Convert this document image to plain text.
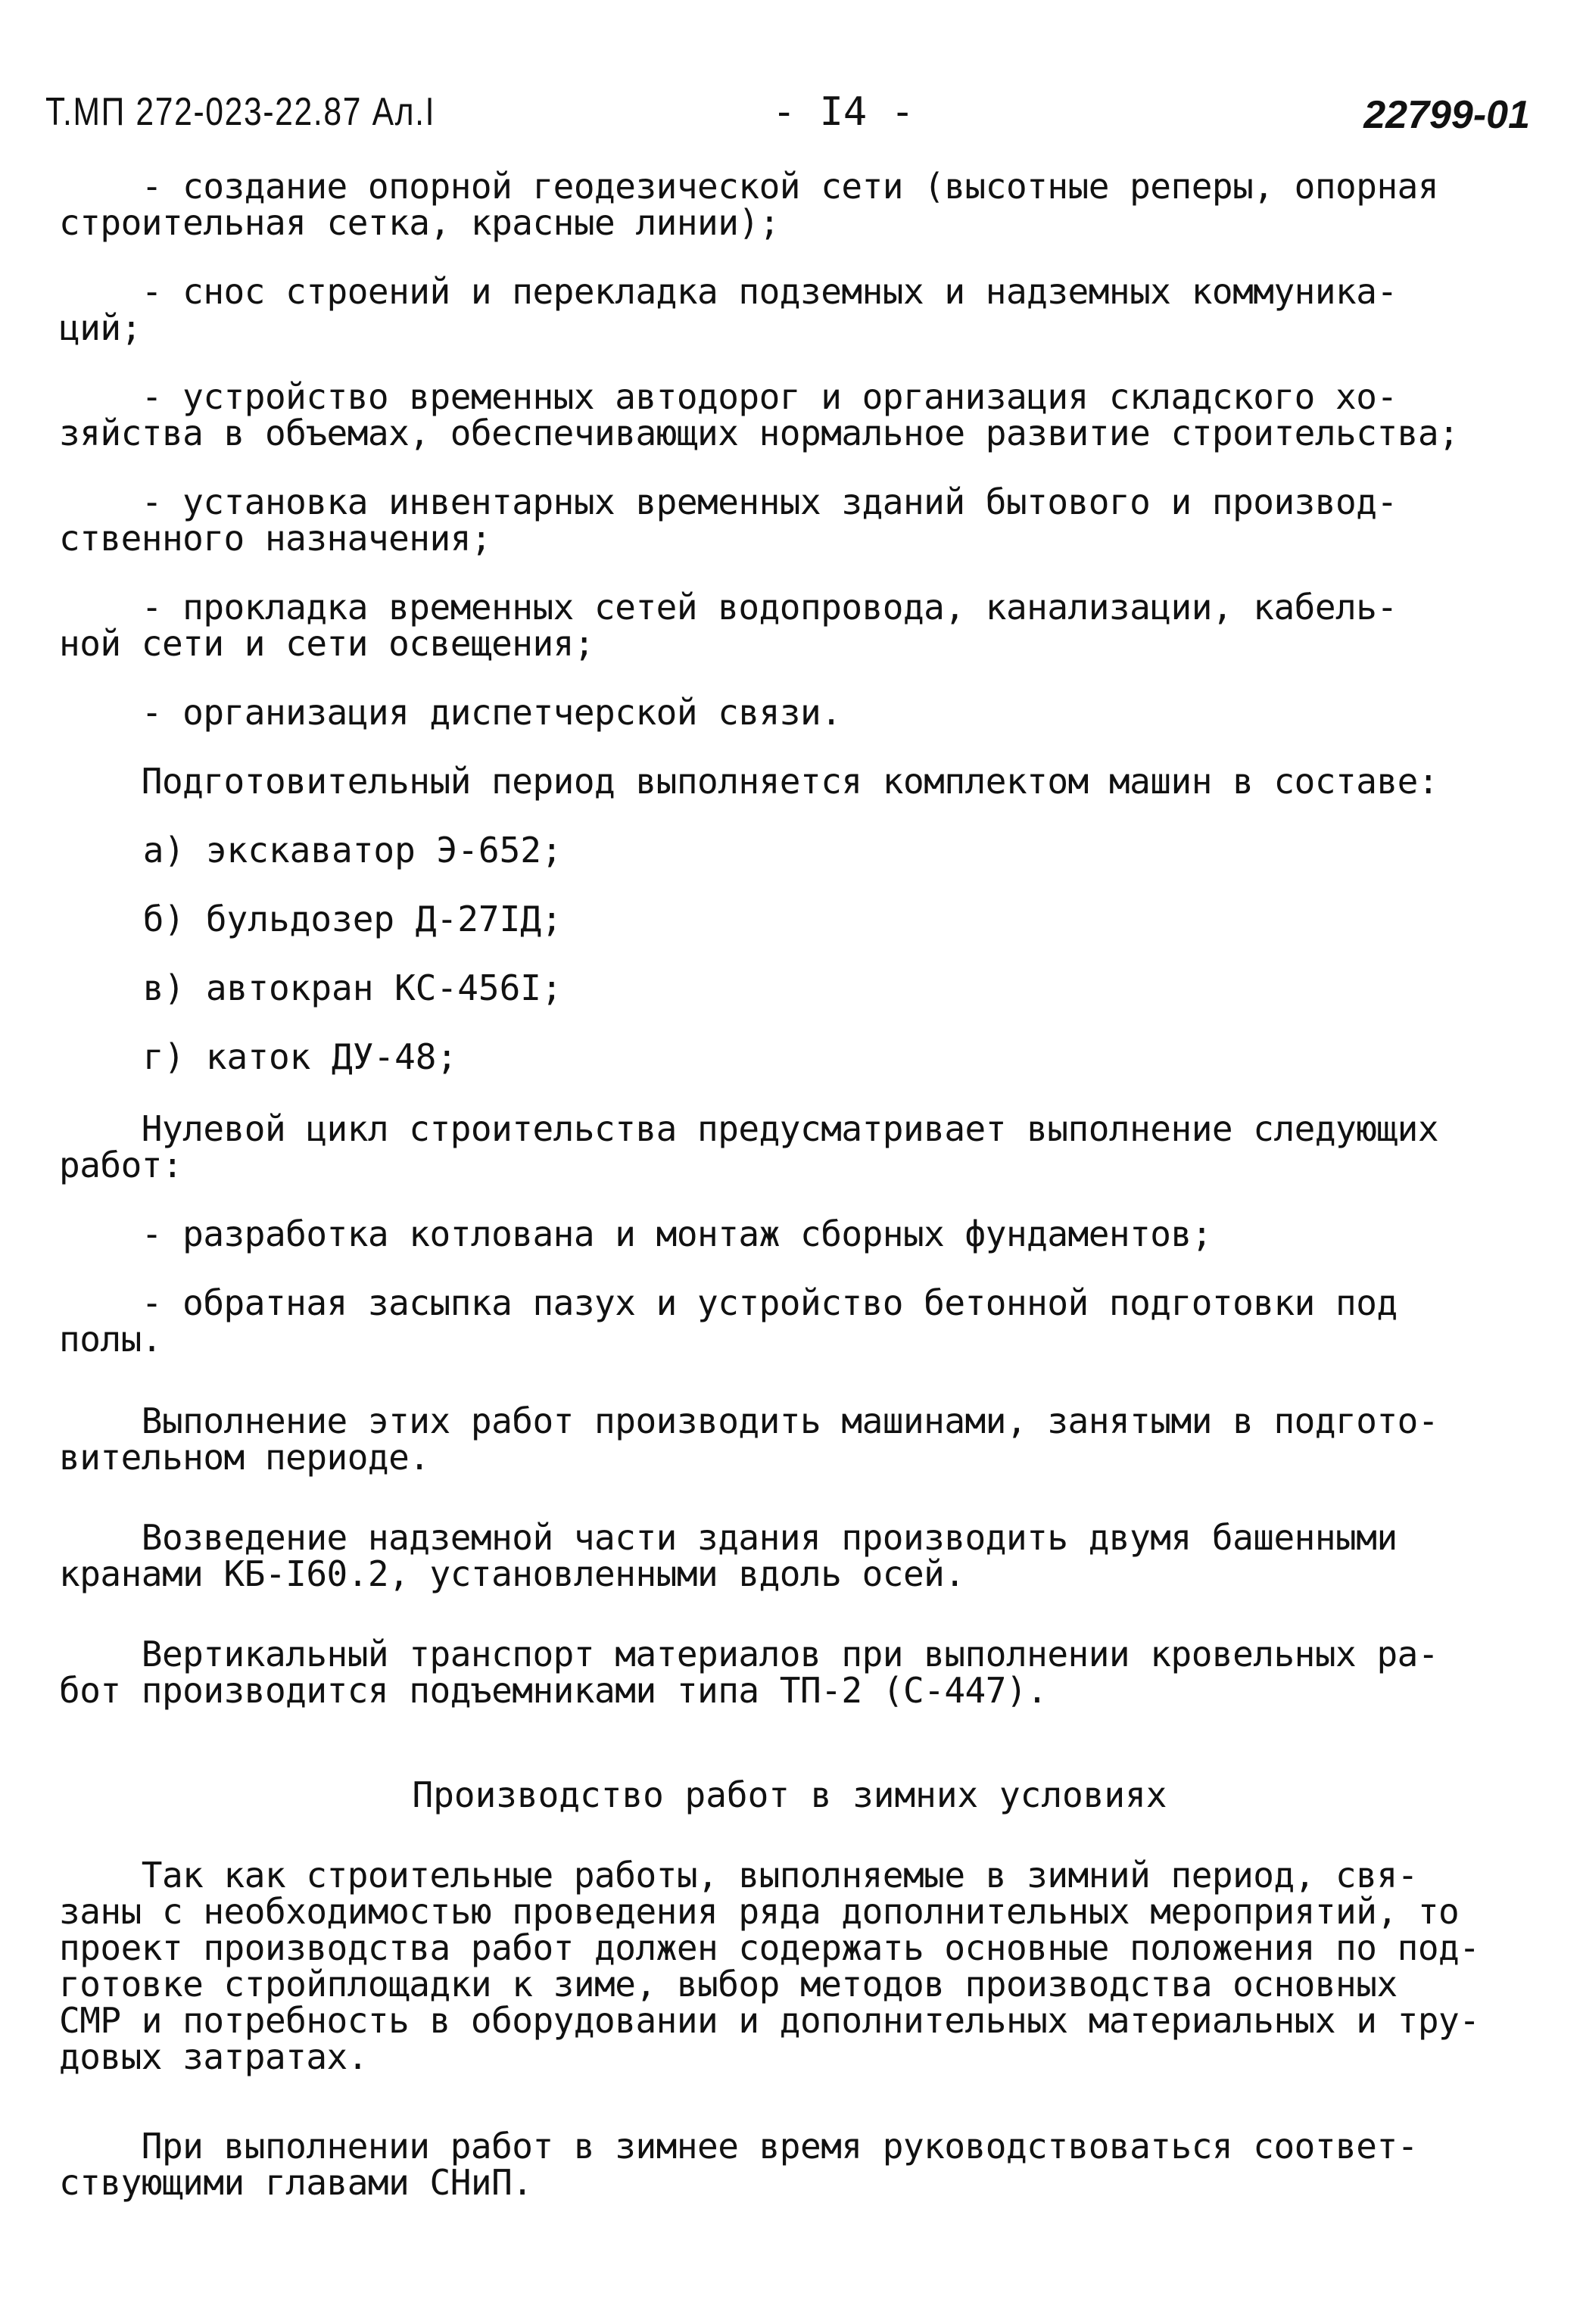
Т.МП 272-023-22.87 Ал.I	- I4 -	22799-01

- создание опорной геодезической сети (высотные реперы, опорная
строительная сетка, красные линии);

- снос строений и перекладка подземных и надземных коммуника-
ций;

- устройство временных автодорог и организация складского хо-
зяйства в объемах, обеспечивающих нормальное развитие строительства;

- установка инвентарных временных зданий бытового и производ-
ственного назначения;

- прокладка временных сетей водопровода, канализации, кабель-
ной сети и сети освещения;

- организация диспетчерской связи.

Подготовительный период выполняется комплектом машин в составе:

а) экскаватор Э-652;

б) бульдозер Д-27IД;

в) автокран КС-456I;

г) каток ДУ-48;

Нулевой цикл строительства предусматривает выполнение следующих
работ:

- разработка котлована и монтаж сборных фундаментов;

- обратная засыпка пазух и устройство бетонной подготовки под
полы.

Выполнение этих работ производить машинами, занятыми в подгото-
вительном периоде.

Возведение надземной части здания производить двумя башенными
кранами КБ-I60.2, установленными вдоль осей.

Вертикальный транспорт материалов при выполнении кровельных ра-
бот производится подъемниками типа ТП-2 (С-447).

Производство работ в зимних условиях

Так как строительные работы, выполняемые в зимний период, свя-
заны с необходимостью проведения ряда дополнительных мероприятий, то
проект производства работ должен содержать основные положения по под-
готовке стройплощадки к зиме, выбор методов производства основных
СМР и потребность в оборудовании и дополнительных материальных и тру-
довых затратах.

При выполнении работ в зимнее время руководствоваться соответ-
ствующими главами СНиП.
